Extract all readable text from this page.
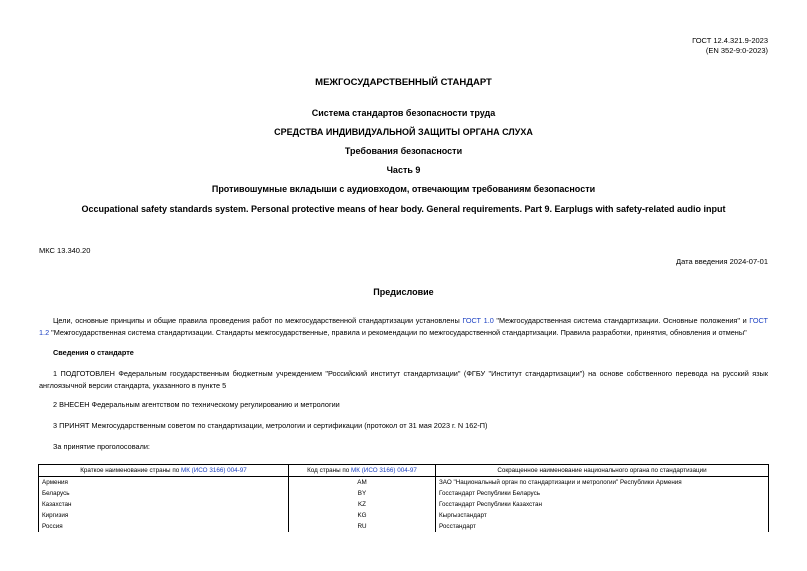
ГОСТ 12.4.321.9-2023
(EN 352-9:0-2023)
МЕЖГОСУДАРСТВЕННЫЙ СТАНДАРТ
Система стандартов безопасности труда
СРЕДСТВА ИНДИВИДУАЛЬНОЙ ЗАЩИТЫ ОРГАНА СЛУХА
Требования безопасности
Часть 9
Противошумные вкладыши с аудиовходом, отвечающим требованиям безопасности
Occupational safety standards system. Personal protective means of hear body. General requirements. Part 9. Earplugs with safety-related audio input
МКС 13.340.20
Дата введения 2024-07-01
Предисловие
Цели, основные принципы и общие правила проведения работ по межгосударственной стандартизации установлены ГОСТ 1.0 "Межгосударственная система стандартизации. Основные положения" и ГОСТ 1.2 "Межгосударственная система стандартизации. Стандарты межгосударственные, правила и рекомендации по межгосударственной стандартизации. Правила разработки, принятия, обновления и отмены"
Сведения о стандарте
1 ПОДГОТОВЛЕН Федеральным государственным бюджетным учреждением "Российский институт стандартизации" (ФГБУ "Институт стандартизации") на основе собственного перевода на русский язык англоязычной версии стандарта, указанного в пункте 5
2 ВНЕСЕН Федеральным агентством по техническому регулированию и метрологии
3 ПРИНЯТ Межгосударственным советом по стандартизации, метрологии и сертификации (протокол от 31 мая 2023 г. N 162-П)
За принятие проголосовали:
Краткое наименование страны по МК (ИСО 3166) 004-97	Код страны по МК (ИСО 3166) 004-97	Сокращенное наименование национального органа по стандартизации
Армения	AM	ЗАО "Национальный орган по стандартизации и метрологии" Республики Армения
Беларусь	BY	Госстандарт Республики Беларусь
Казахстан	KZ	Госстандарт Республики Казахстан
Киргизия	KG	Кыргызстандарт
Россия	RU	Росстандарт
